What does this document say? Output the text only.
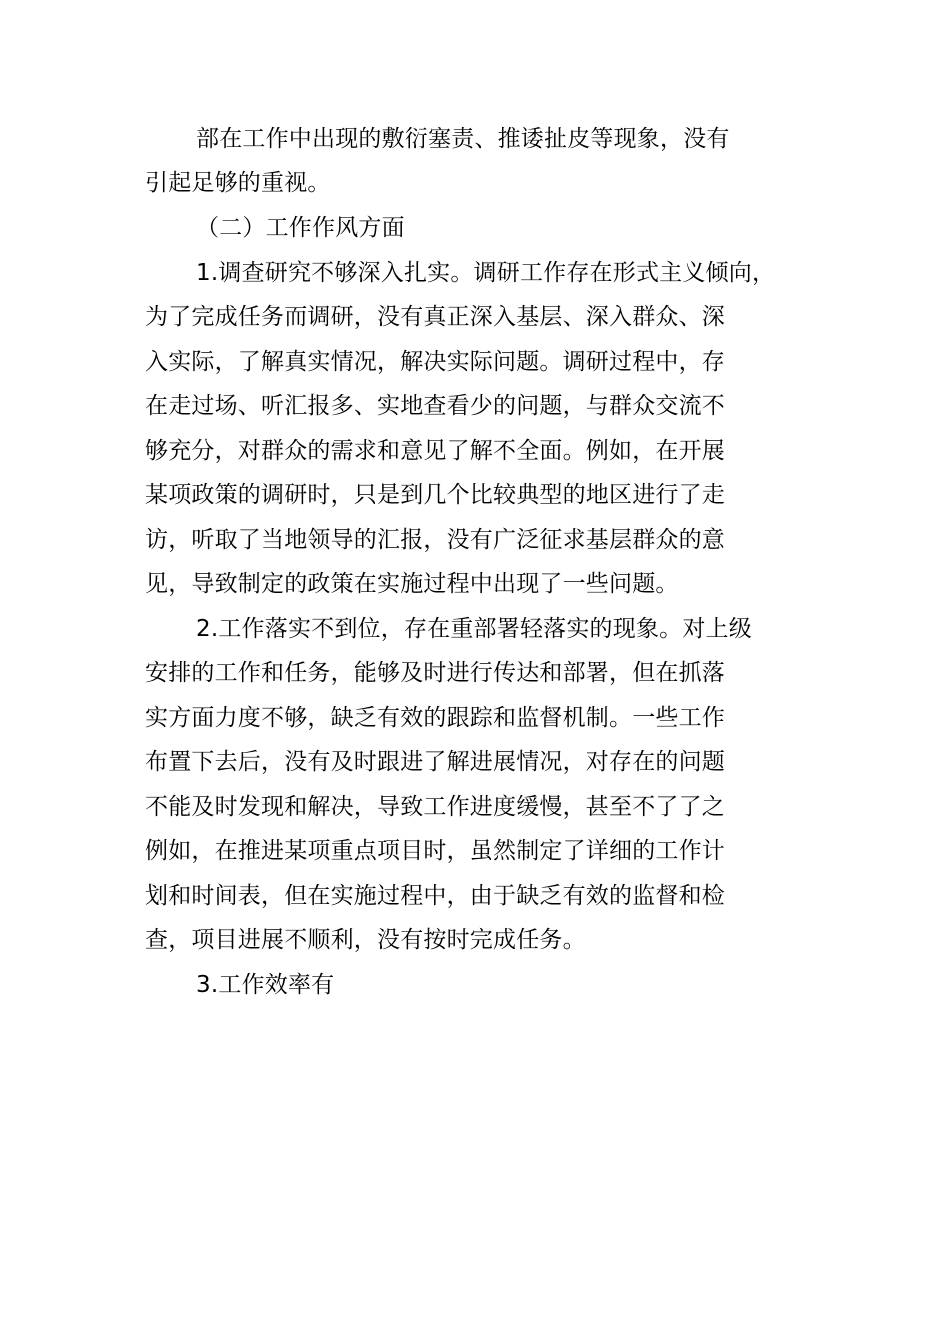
部在工作中出现的敷衍塞责、推诿扯皮等现象，没有
引起足够的重视。
（二）工作作风方面
1.调查研究不够深入扎实。调研工作存在形式主义倾向，
为了完成任务而调研，没有真正深入基层、深入群众、深
入实际，了解真实情况，解决实际问题。调研过程中，存
在走过场、听汇报多、实地查看少的问题，与群众交流不
够充分，对群众的需求和意见了解不全面。例如，在开展
某项政策的调研时，只是到几个比较典型的地区进行了走
访，听取了当地领导的汇报，没有广泛征求基层群众的意
见，导致制定的政策在实施过程中出现了一些问题。
2.工作落实不到位，存在重部署轻落实的现象。对上级
安排的工作和任务，能够及时进行传达和部署，但在抓落
实方面力度不够，缺乏有效的跟踪和监督机制。一些工作
布置下去后，没有及时跟进了解进展情况，对存在的问题
不能及时发现和解决，导致工作进度缓慢，甚至不了了之
例如，在推进某项重点项目时，虽然制定了详细的工作计
划和时间表，但在实施过程中，由于缺乏有效的监督和检
查，项目进展不顺利，没有按时完成任务。
3.工作效率有
